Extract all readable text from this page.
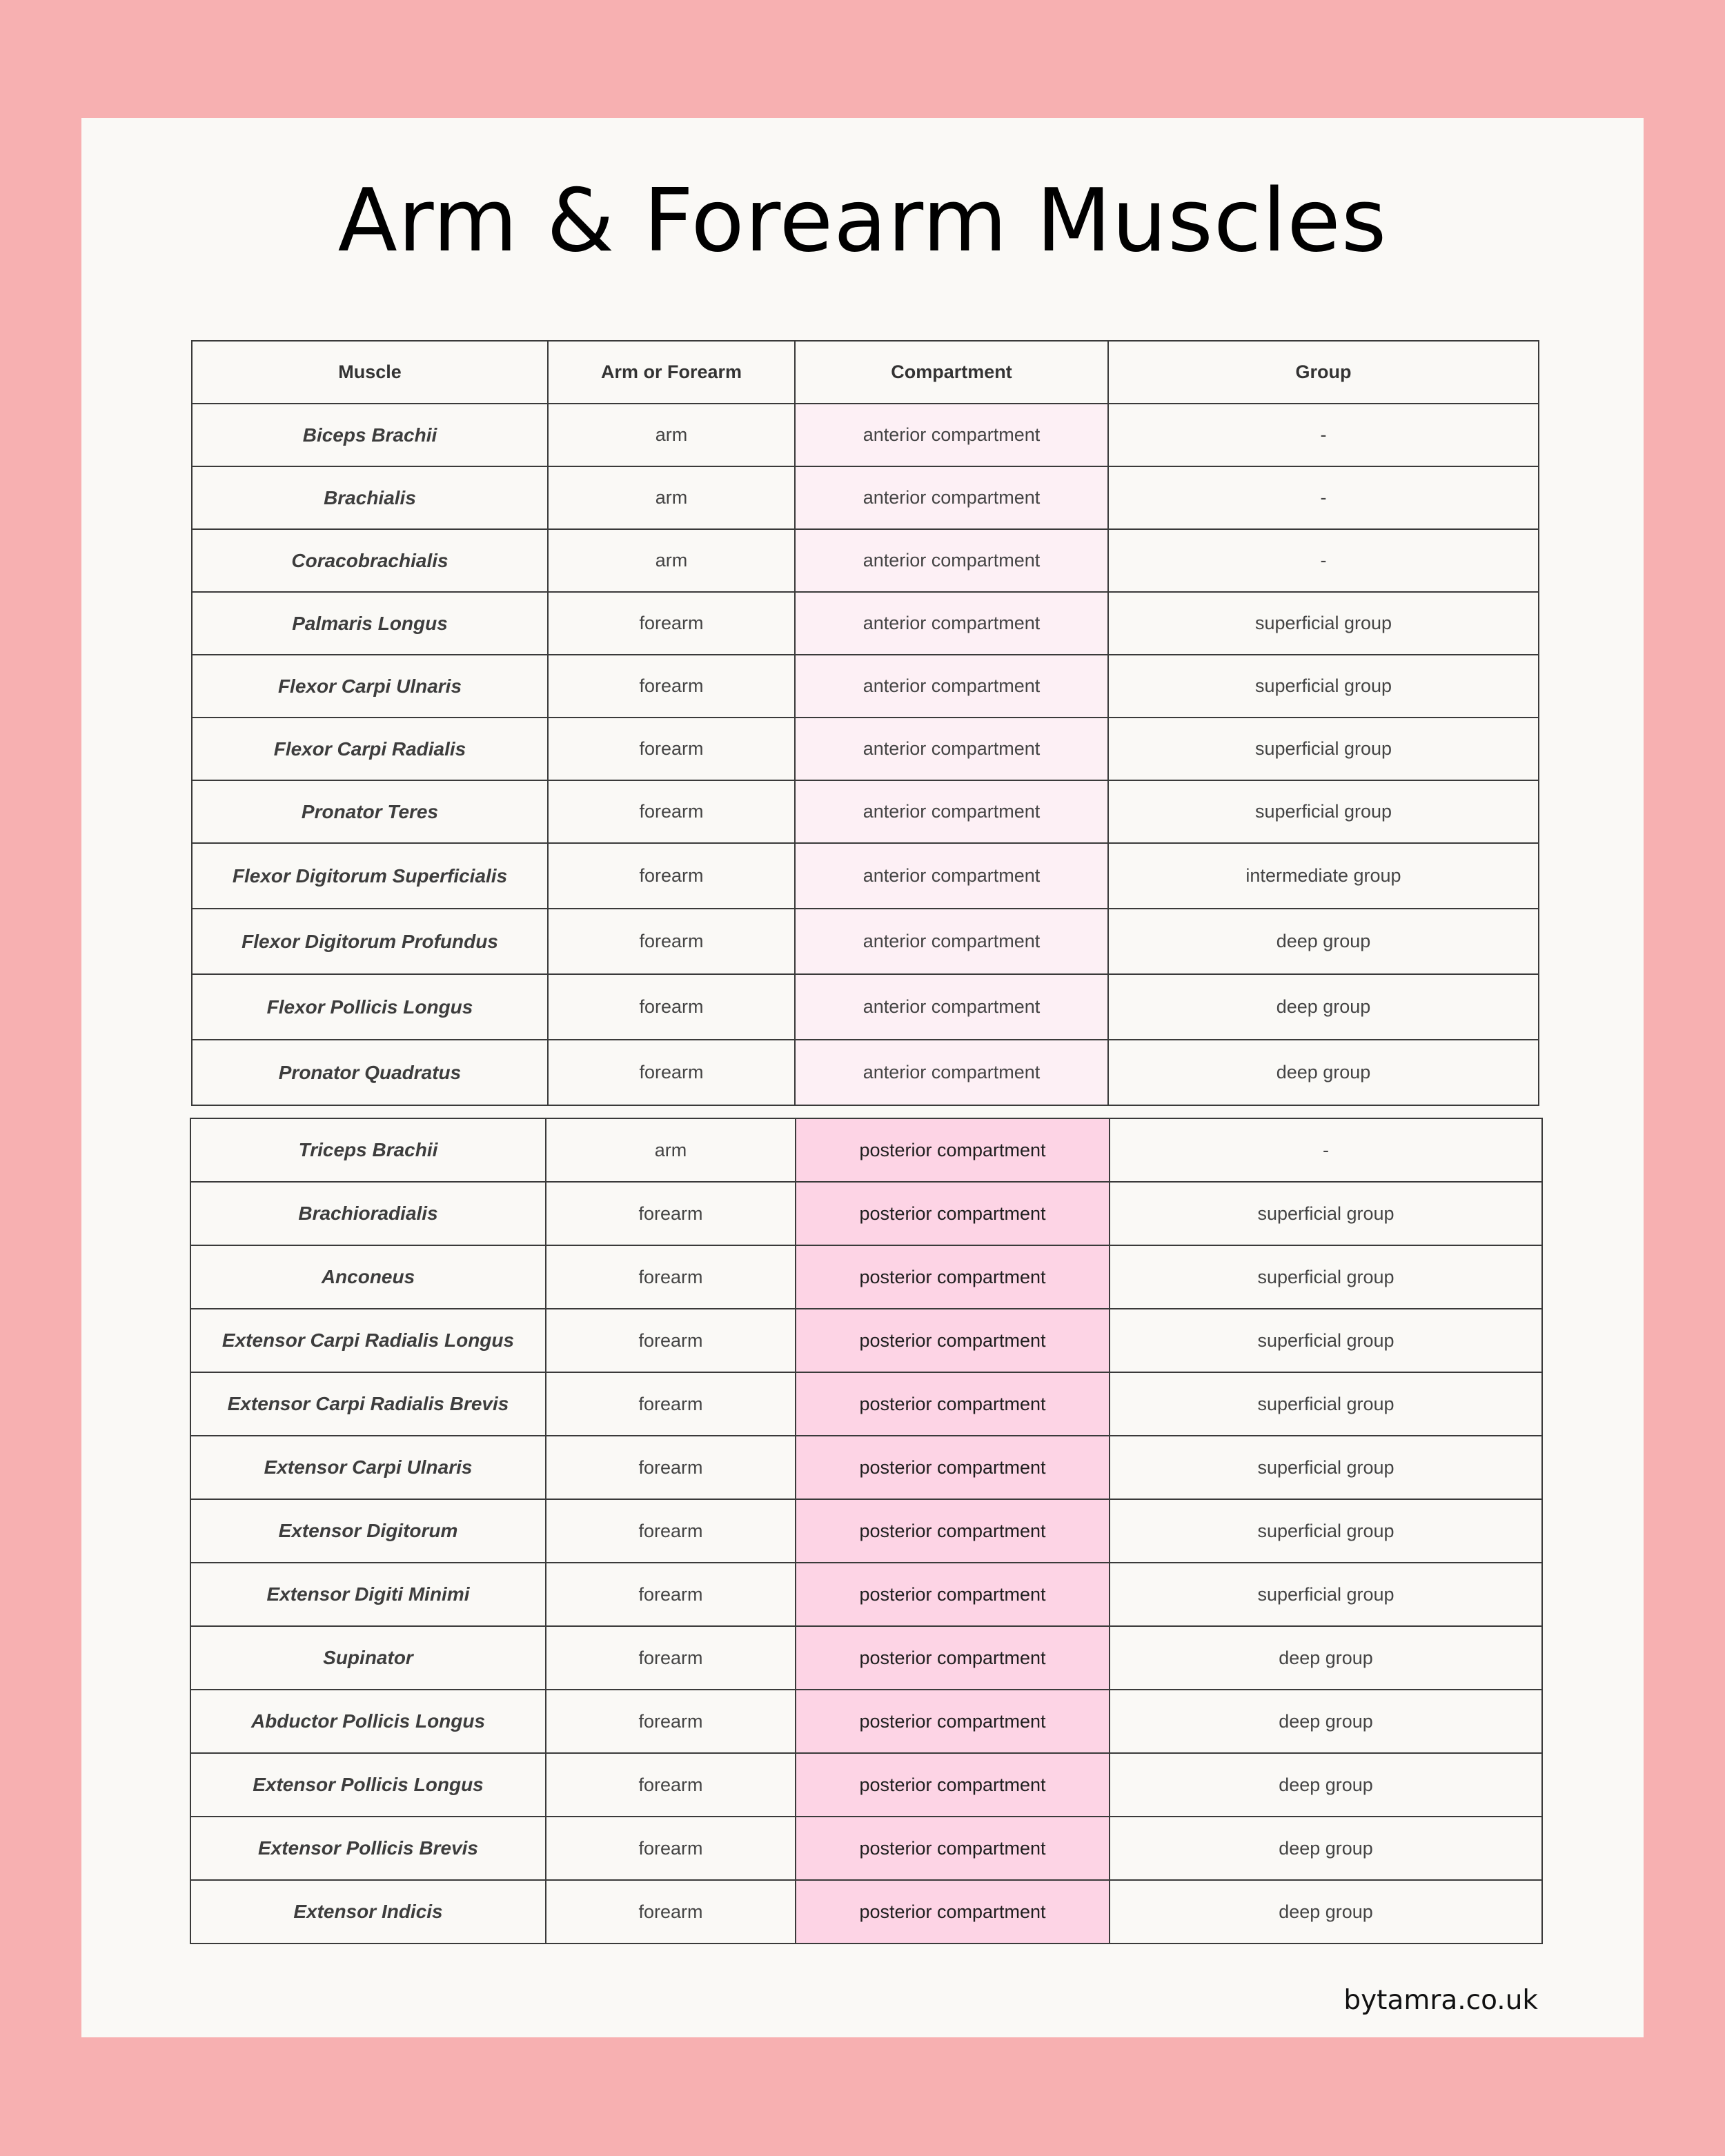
Arm & Forearm Muscles
Muscle	Arm or Forearm	Compartment	Group
Biceps Brachii	arm	anterior compartment	-
Brachialis	arm	anterior compartment	-
Coracobrachialis	arm	anterior compartment	-
Palmaris Longus	forearm	anterior compartment	superficial group
Flexor Carpi Ulnaris	forearm	anterior compartment	superficial group
Flexor Carpi Radialis	forearm	anterior compartment	superficial group
Pronator Teres	forearm	anterior compartment	superficial group
Flexor Digitorum Superficialis	forearm	anterior compartment	intermediate group
Flexor Digitorum Profundus	forearm	anterior compartment	deep group
Flexor Pollicis Longus	forearm	anterior compartment	deep group
Pronator Quadratus	forearm	anterior compartment	deep group
Triceps Brachii	arm	posterior compartment	-
Brachioradialis	forearm	posterior compartment	superficial group
Anconeus	forearm	posterior compartment	superficial group
Extensor Carpi Radialis Longus	forearm	posterior compartment	superficial group
Extensor Carpi Radialis Brevis	forearm	posterior compartment	superficial group
Extensor Carpi Ulnaris	forearm	posterior compartment	superficial group
Extensor Digitorum	forearm	posterior compartment	superficial group
Extensor Digiti Minimi	forearm	posterior compartment	superficial group
Supinator	forearm	posterior compartment	deep group
Abductor Pollicis Longus	forearm	posterior compartment	deep group
Extensor Pollicis Longus	forearm	posterior compartment	deep group
Extensor Pollicis Brevis	forearm	posterior compartment	deep group
Extensor Indicis	forearm	posterior compartment	deep group
bytamra.co.uk
